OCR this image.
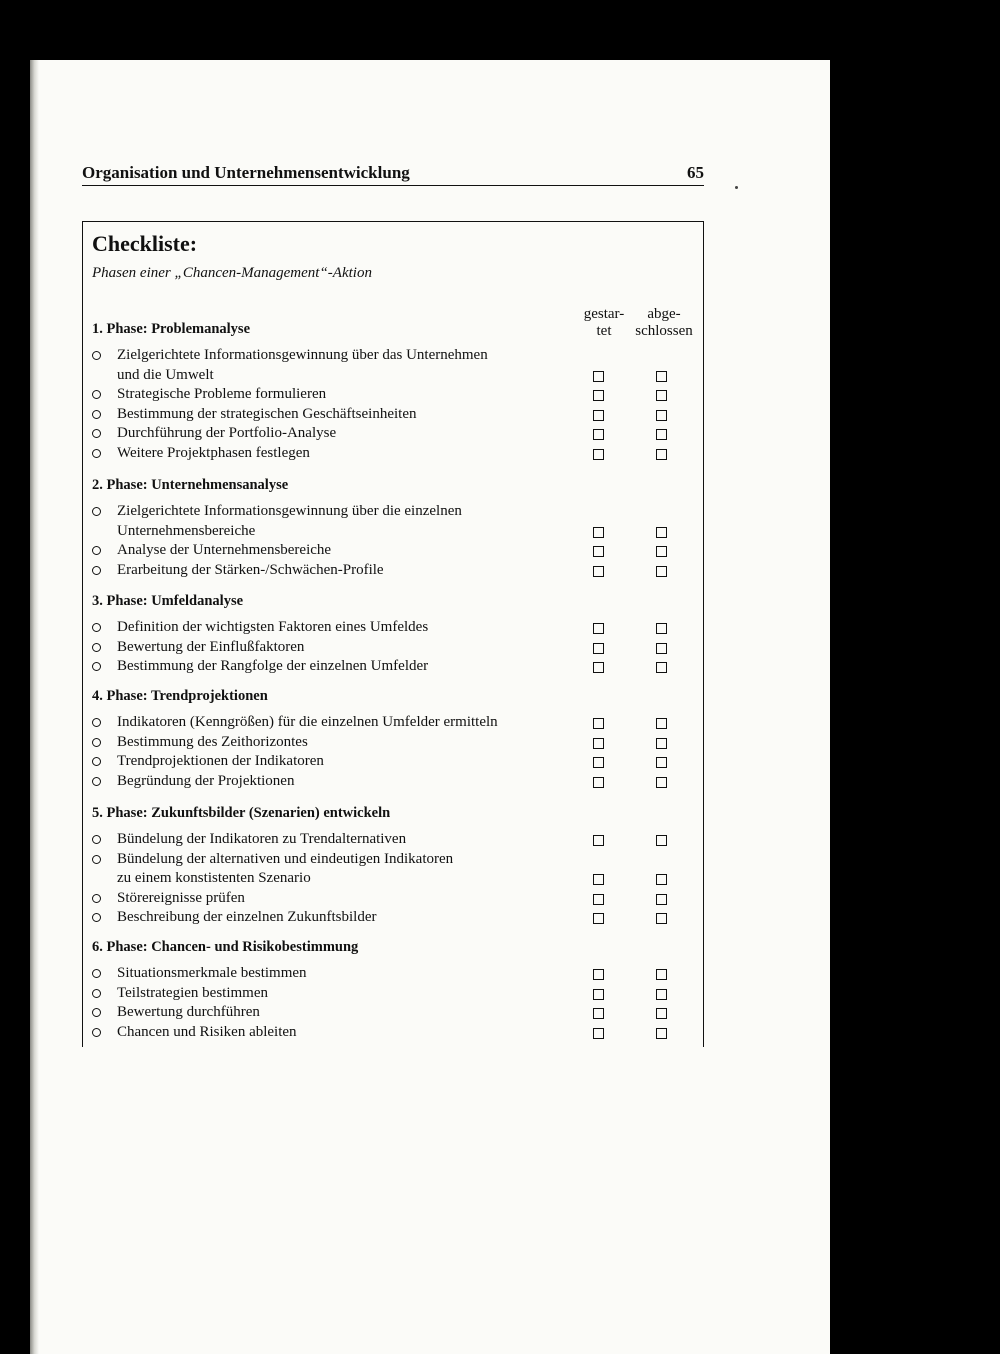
Organisation und Unternehmensentwicklung	65
Checkliste:
Phasen einer „Chancen-Management“-Aktion
gestar-
tet
abge-
schlossen
1. Phase: Problemanalyse
Zielgerichtete Informationsgewinnung über das Unternehmen
und die Umwelt
Strategische Probleme formulieren
Bestimmung der strategischen Geschäftseinheiten
Durchführung der Portfolio-Analyse
Weitere Projektphasen festlegen
2. Phase: Unternehmensanalyse
Zielgerichtete Informationsgewinnung über die einzelnen
Unternehmensbereiche
Analyse der Unternehmensbereiche
Erarbeitung der Stärken-/Schwächen-Profile
3. Phase: Umfeldanalyse
Definition der wichtigsten Faktoren eines Umfeldes
Bewertung der Einflußfaktoren
Bestimmung der Rangfolge der einzelnen Umfelder
4. Phase: Trendprojektionen
Indikatoren (Kenngrößen) für die einzelnen Umfelder ermitteln
Bestimmung des Zeithorizontes
Trendprojektionen der Indikatoren
Begründung der Projektionen
5. Phase: Zukunftsbilder (Szenarien) entwickeln
Bündelung der Indikatoren zu Trendalternativen
Bündelung der alternativen und eindeutigen Indikatoren
zu einem konstistenten Szenario
Störereignisse prüfen
Beschreibung der einzelnen Zukunftsbilder
6. Phase: Chancen- und Risikobestimmung
Situationsmerkmale bestimmen
Teilstrategien bestimmen
Bewertung durchführen
Chancen und Risiken ableiten
